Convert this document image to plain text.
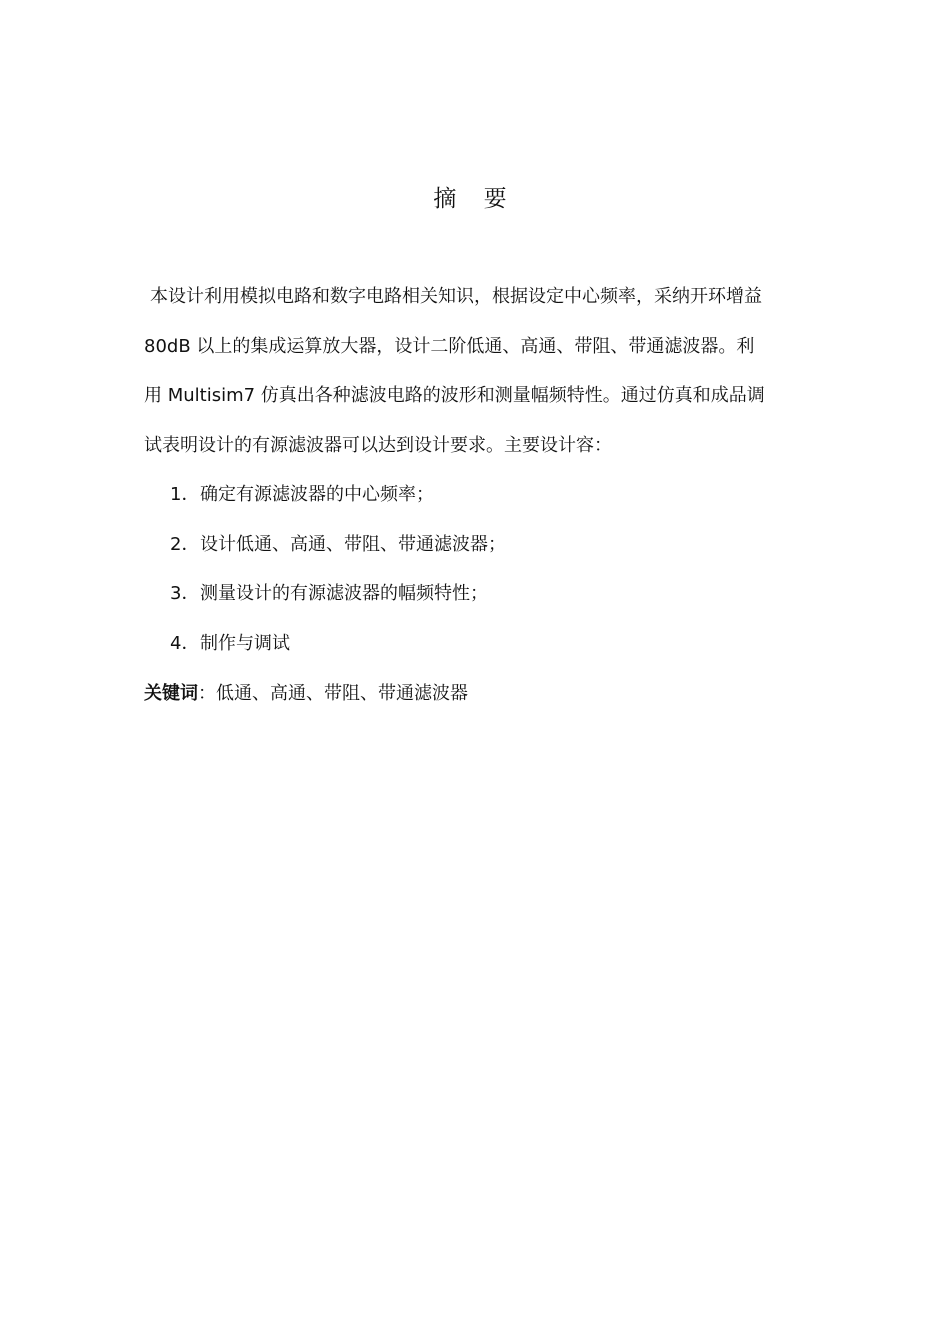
摘 要
本设计利用模拟电路和数字电路相关知识，根据设定中心频率，采纳开环增益
80dB 以上的集成运算放大器，设计二阶低通、高通、带阻、带通滤波器。利
用 Multisim7 仿真出各种滤波电路的波形和测量幅频特性。通过仿真和成品调
试表明设计的有源滤波器可以达到设计要求。主要设计容：
1．确定有源滤波器的中心频率；
2．设计低通、高通、带阻、带通滤波器；
3．测量设计的有源滤波器的幅频特性；
4．制作与调试
关键词：低通、高通、带阻、带通滤波器
